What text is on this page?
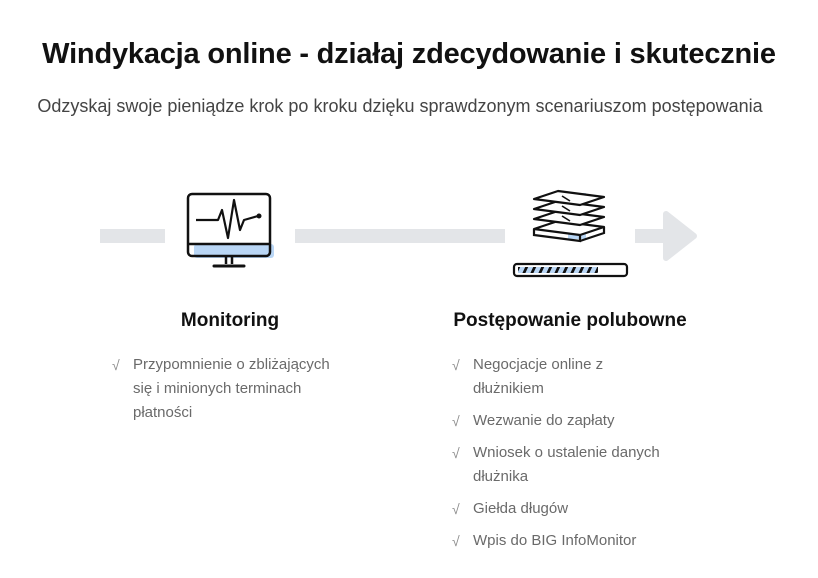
Windykacja online - działaj zdecydowanie i skutecznie

Odzyskaj swoje pieniądze krok po kroku dzięku sprawdzonym scenariuszom postępowania

Monitoring
√ Przypomnienie o zbliżających się i minionych terminach płatności
Postępowanie polubowne
√ Negocjacje online z dłużnikiem
√ Wezwanie do zapłaty
√ Wniosek o ustalenie danych dłużnika
√ Giełda długów
√ Wpis do BIG InfoMonitor
